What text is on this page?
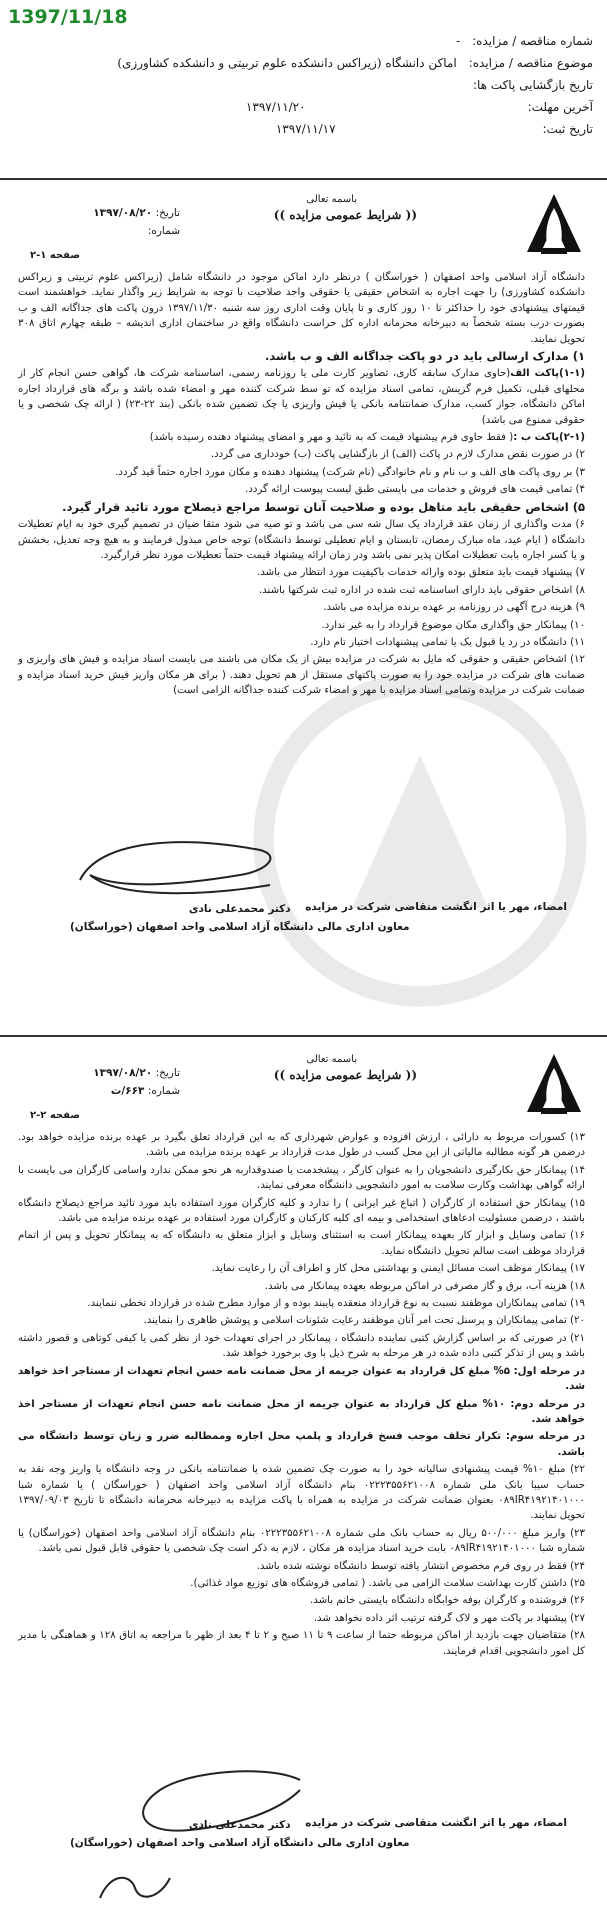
1397/11/18
شماره مناقصه / مزایده:
-
موضوع مناقصه / مزایده:
اماکن دانشگاه (زیراکس دانشکده علوم تربیتی و دانشکده کشاورزی)
تاریخ بازگشایی پاکت ها:
آخرین مهلت:
۱۳۹۷/۱۱/۲۰
تاریخ ثبت:
۱۳۹۷/۱۱/۱۷
باسمه تعالی
(( شرایط عمومی مزایده ))
تاریخ: ۱۳۹۷/۰۸/۲۰
شماره:
صفحه ۱-۲

دانشگاه آزاد اسلامی واحد اصفهان ( خوراسگان ) درنظر دارد اماکن موجود در دانشگاه شامل (زیراکس علوم تربیتی و زیراکس دانشکده کشاورزی) را جهت اجاره به اشخاص حقیقی یا حقوقی واجد صلاحیت با توجه به شرایط زیر واگذار نماید. خواهشمند است قیمتهای پیشنهادی خود را حداکثر تا ۱۰ روز کاری و تا پایان وقت اداری روز سه شنبه ۱۳۹۷/۱۱/۳۰ درون پاکت های جداگانه الف و ب بصورت درب بسته شخصاً به دبیرخانه محرمانه اداره کل حراست دانشگاه واقع در ساختمان اداری اندیشه – طبقه چهارم اتاق ۳۰۸ تحویل نمایند.

۱) مدارک ارسالی باید در دو پاکت جداگانه الف و ب باشد.

(۱-۱)پاکت الف(حاوی مدارک سابقه کاری، تصاویر کارت ملی یا روزنامه رسمی، اساسنامه شرکت ها، گواهی حسن انجام کار از محلهای قبلی، تکمیل فرم گزینش، تمامی اسناد مزایده که تو سط شرکت کننده مهر و امضاء شده باشد و برگه های قرارداد اجاره اماکن دانشگاه، جواز کسب، مدارک ضمانتنامه بانکی یا فیش واریزی یا چک تضمین شده بانکی (بند ۲۲-۲۳) ( ارائه چک شخصی و یا حقوقی ممنوع می باشد)

(۲-۱)پاکت ب :( فقط حاوی فرم پیشنهاد قیمت که به تائید و مهر و امضای پیشنهاد دهنده رسیده باشد)

۲) در صورت نقص مدارک لازم در پاکت (الف) از بازگشایی پاکت (ب) خودداری می گردد.
۳) بر روی پاکت های الف و ب نام و نام خانوادگی (نام شرکت) پیشنهاد دهنده و مکان مورد اجاره حتماً قید گردد.
۴) تمامی قیمت های فروش و خدمات می بایستی طبق لیست پیوست ارائه گردد.
۵) اشخاص حقیقی باید متاهل بوده و صلاحیت آنان توسط مراجع ذیصلاح مورد تائید قرار گیرد.
۶) مدت واگذاری از زمان عقد قرارداد یک سال شه سی می باشد و تو صیه می شود متقا ضیان در تصمیم گیری خود به ایام تعطیلات دانشگاه ( ایام عید، ماه مبارک رمضان، تابستان و ایام تعطیلی توسط دانشگاه) توجه خاص مبذول فرمایند و به هیچ وجه تعدیل، بخشش و یا کسر اجاره بابت تعطیلات امکان پذیر نمی باشد ودر زمان ارائه پیشنهاد قیمت حتماً تعطیلات مورد نظر قرارگیرد.
۷) پیشنهاد قیمت باید متعلق بوده وارائه خدمات باکیفیت مورد انتظار می باشد.
۸) اشخاص حقوقی باید دارای اساسنامه ثبت شده در اداره ثبت شرکتها باشند.
۹) هزینه درج آگهی در روزنامه بر عهده برنده مزایده می باشد.
۱۰) پیمانکار حق واگذاری مکان موضوع قرارداد را به غیر ندارد.
۱۱) دانشگاه در رد یا قبول یک یا تمامی پیشنهادات اختیار تام دارد.
۱۲) اشخاص حقیقی و حقوقی که مایل به شرکت در مزایده بیش از یک مکان می باشند می بایست اسناد مزایده و فیش های واریزی و ضمانت های شرکت در مزایده خود را به صورت پاکتهای مستقل از هم تحویل دهند. ( برای هر مکان واریز فیش خرید اسناد مزایده و ضمانت شرکت در مزایده وتمامی اسناد مزایده با مهر و امضاء شرکت کننده جداگانه الزامی است)
امضاء، مهر یا اثر انگشت متقاضی شرکت در مزایده
دکتر محمدعلی نادی
معاون اداری مالی دانشگاه آزاد اسلامی واحد اصفهان (خوراسگان)
باسمه تعالی
(( شرایط عمومی مزایده ))
تاریخ: ۱۳۹۷/۰۸/۲۰
شماره: ۶۶۳/ت
صفحه ۲-۲
۱۳) کسورات مربوط به دارائی ، ارزش افزوده و عوارض شهرداری که به این قرارداد تعلق بگیرد بر عهده برنده مزایده خواهد بود. درضمن هر گونه مطالبه مالیاتی از این محل کسب در طول مدت قرارداد بر عهده برنده مزایده می باشد.
۱۴) پیمانکار حق بکارگیری دانشجویان را به عنوان کارگر ، پیشخدمت یا صندوقداربه هر نحو ممکن ندارد واسامی کارگران می بایست با ارائه گواهی بهداشت وکارت سلامت به امور دانشجویی دانشگاه معرفی نمایند.
۱۵) پیمانکار حق استفاده از کارگران ( اتباع غیر ایرانی ) را ندارد و کلیه کارگران مورد استفاده باید مورد تائید مراجع ذیصلاح دانشگاه باشند ، درضمن مسئولیت ادعاهای استخدامی و بیمه ای کلیه کارکنان و کارگران مورد استفاده بر عهده برنده مزایده می باشد.
۱۶) تمامی وسایل و ابزار کار بعهده پیمانکار است به استثنای وسایل و ابزار متعلق به دانشگاه که به پیمانکار تحویل و پس از اتمام قرارداد موظف است سالم تحویل دانشگاه نماید.
۱۷) پیمانکار موظف است مسائل ایمنی و بهداشتی محل کار و اطراف آن را رعایت نماید.
۱۸) هزینه آب، برق و گاز مصرفی در اماکن مربوطه بعهده پیمانکار می باشد.
۱۹) تمامی پیمانکاران موظفند نسبت به نوع قرارداد منعقده پایبند بوده و از موارد مطرح شده در قرارداد تخطی ننمایند.
۲۰) تمامی پیمانکاران و پرسنل تحت امر آنان موظفند رعایت شئونات اسلامی و پوشش ظاهری را بنمایند.
۲۱) در صورتی که بر اساس گزارش کتبی نماینده دانشگاه ، پیمانکار در اجرای تعهدات خود از نظر کمی یا کیفی کوتاهی و قصور داشته باشد و پس از تذکر کتبی داده شده در هر مرحله به شرح ذیل با وی برخورد خواهد شد.
در مرحله اول: ۵% مبلغ کل قرارداد به عنوان جریمه از محل ضمانت نامه حسن انجام تعهدات از مستاجر اخذ خواهد شد.
در مرحله دوم: ۱۰% مبلغ کل قرارداد به عنوان جریمه از محل ضمانت نامه حسن انجام تعهدات از مستاجر اخذ خواهد شد.
در مرحله سوم: تکرار تخلف موجب فسخ قرارداد و پلمپ محل اجاره وممطالبه ضرر و زیان توسط دانشگاه می باشد.
۲۲) مبلغ ۱۰% قیمت پیشنهادی سالیانه خود را به صورت چک تضمین شده یا ضمانتنامه بانکی در وجه دانشگاه یا واریز وجه نقد به حساب سیبا بانک ملی شماره ۰۲۲۲۳۵۵۶۲۱۰۰۸ بنام دانشگاه آزاد اسلامی واحد اصفهان ( خوراسگان ) یا شماره شبا ۰۸۹IR۴۱۹۲۱۴۰۱۰۰۰ بعنوان ضمانت شرکت در مزایده به همراه با پاکت مزایده به دبیرخانه محرمانه دانشگاه تا تاریخ ۱۳۹۷/۰۹/۰۳ تحویل نمایند.
۲۳) واریز مبلغ ۵۰۰/۰۰۰ ریال به حساب بانک ملی شماره ۰۲۲۲۳۵۵۶۲۱۰۰۸ بنام دانشگاه آزاد اسلامی واحد اصفهان (خوراسگان) یا شماره شبا ۰۸۹IR۴۱۹۲۱۴۰۱۰۰۰ بابت خرید اسناد مزایده هر مکان ، لازم به ذکر است چک شخصی یا حقوقی قابل قبول نمی باشد.
۲۴) فقط در روی فرم مخصوص انتشار یافته توسط دانشگاه نوشته شده باشد.
۲۵) داشتن کارت بهداشت سلامت الزامی می باشد. ( تمامی فروشگاه های توزیع مواد غذائی).
۲۶) فروشنده و کارگران بوفه خوابگاه دانشگاه بایستی خانم باشد.
۲۷) پیشنهاد بر پاکت مهر و لاک گرفته ترتیب اثر داده نخواهد شد.
۲۸) متقاضیان جهت بازدید از اماکن مربوطه حتما از ساعت ۹ تا ۱۱ صبح و ۲ تا ۴ بعد از ظهر با مراجعه به اتاق ۱۲۸ و هماهنگی با مدیر کل امور دانشجویی اقدام فرمایند.
امضاء، مهر یا اثر انگشت متقاضی شرکت در مزایده
دکتر محمدعلی نادی
معاون اداری مالی دانشگاه آزاد اسلامی واحد اصفهان (خوراسگان)
